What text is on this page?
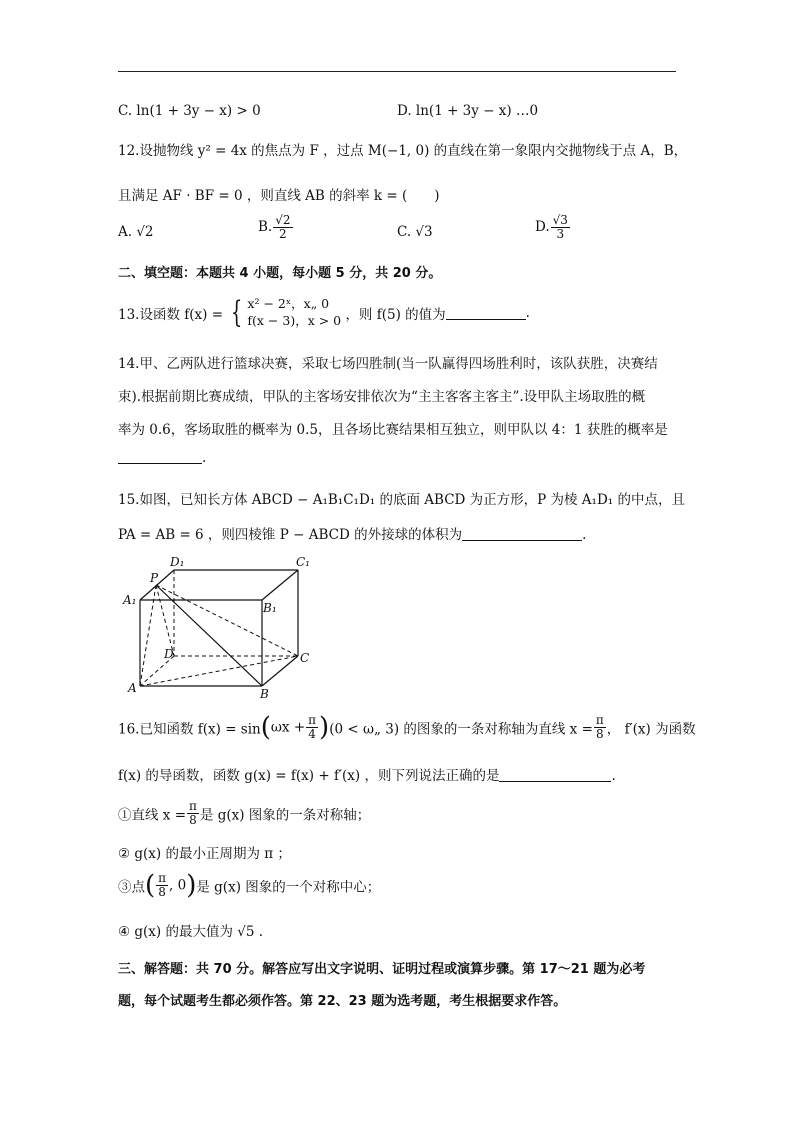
C. ln(1 + 3y − x) > 0	D. ln(1 + 3y − x) …0
12.设抛物线 y² = 4x 的焦点为 F ，过点 M(−1, 0) 的直线在第一象限内交抛物线于点 A，B，
且满足 AF · BF = 0 ，则直线 AB 的斜率 k = (　　)
A. √2	B. $\frac{√2}{2}$	C. √3	D. $\frac{√3}{3}$
二、填空题：本题共 4 小题，每小题 5 分，共 20 分。
13.设函数 f(x) = { x² − 2ˣ，x„ 0
f(x − 3)，x > 0 ，则 f(5) 的值为	.
14.甲、乙两队进行篮球决赛，采取七场四胜制(当一队赢得四场胜利时，该队获胜，决赛结
束).根据前期比赛成绩，甲队的主客场安排依次为“主主客客主客主”.设甲队主场取胜的概
率为 0.6，客场取胜的概率为 0.5，且各场比赛结果相互独立，则甲队以 4：1 获胜的概率是
.
15.如图，已知长方体 ABCD − A₁B₁C₁D₁ 的底面 ABCD 为正方形，P 为棱 A₁D₁ 的中点，且
PA = AB = 6 ，则四棱锥 P − ABCD 的外接球的体积为	.
D₁	C₁
P
A₁
B₁
D	C
A	B
16.已知函数 $f(x) = \sin(\omega x + \frac{\pi}{4} )(0$ < ω„ 3) 的图象的一条对称轴为直线 $x = \frac{\pi}{8}$ ， f′(x) 为函数
f(x) 的导函数，函数 g(x) = f(x) + f′(x) ，则下列说法正确的是	.
①直线 $x = \frac{\pi}{8}$ 是 g(x) 图象的一条对称轴；
② g(x) 的最小正周期为 π ；
③点( $\frac{\pi}{8}$ , 0)是 g(x) 图象的一个对称中心；
④ g(x) 的最大值为 √5 .
三、解答题：共 70 分。解答应写出文字说明、证明过程或演算步骤。第 17～21 题为必考
题，每个试题考生都必须作答。第 22、23 题为选考题，考生根据要求作答。
